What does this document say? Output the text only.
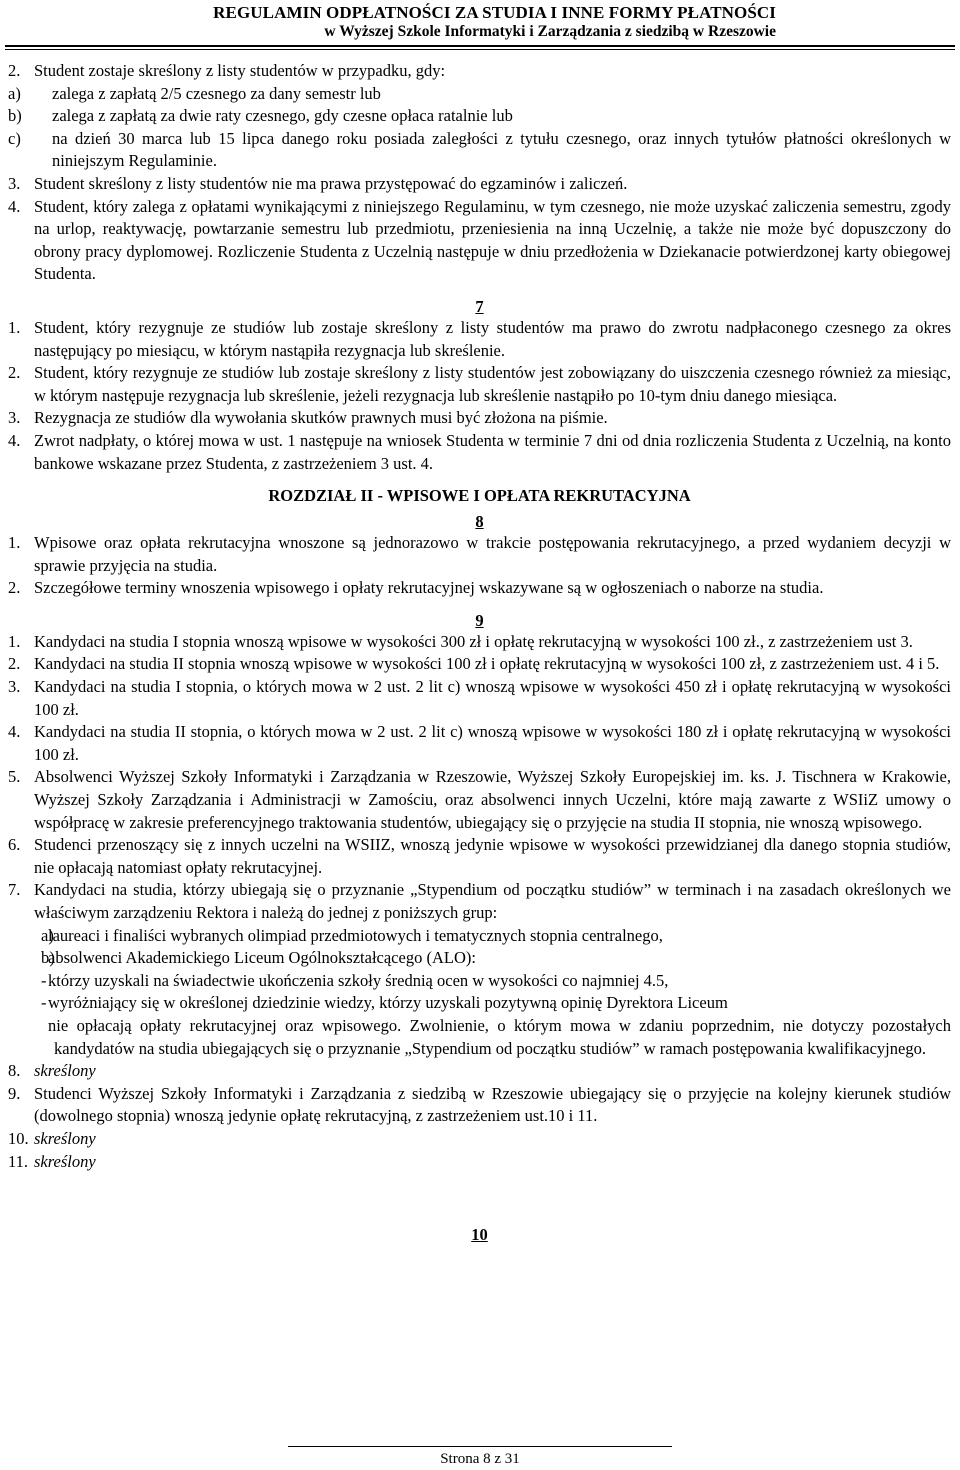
REGULAMIN ODPŁATNOŚCI ZA STUDIA I INNE FORMY PŁATNOŚCI
w Wyższej Szkole Informatyki i Zarządzania z siedzibą w Rzeszowie
2. Student zostaje skreślony z listy studentów w przypadku, gdy:
a)	zalega z zapłatą 2/5 czesnego za dany semestr lub
b)	zalega z zapłatą za dwie raty czesnego, gdy czesne opłaca ratalnie lub
c)	na dzień 30 marca lub 15 lipca danego roku posiada zaległości z tytułu czesnego, oraz innych tytułów płatności określonych w niniejszym Regulaminie.
3. Student skreślony z listy studentów nie ma prawa przystępować do egzaminów i zaliczeń.
4. Student, który zalega z opłatami wynikającymi z niniejszego Regulaminu, w tym czesnego, nie może uzyskać zaliczenia semestru, zgody na urlop, reaktywację, powtarzanie semestru lub przedmiotu, przeniesienia na inną Uczelnię, a także nie może być dopuszczony do obrony pracy dyplomowej. Rozliczenie Studenta z Uczelnią następuje w dniu przedłożenia w Dziekanacie potwierdzonej karty obiegowej Studenta.
7
1. Student, który rezygnuje ze studiów lub zostaje skreślony z listy studentów ma prawo do zwrotu nadpłaconego czesnego za okres następujący po miesiącu, w którym nastąpiła rezygnacja lub skreślenie.
2. Student, który rezygnuje ze studiów lub zostaje skreślony z listy studentów jest zobowiązany do uiszczenia czesnego również za miesiąc, w którym następuje rezygnacja lub skreślenie, jeżeli rezygnacja lub skreślenie nastąpiło po 10-tym dniu danego miesiąca.
3. Rezygnacja ze studiów dla wywołania skutków prawnych musi być złożona na piśmie.
4. Zwrot nadpłaty, o której mowa w ust. 1 następuje na wniosek Studenta w terminie 7 dni od dnia rozliczenia Studenta z Uczelnią, na konto bankowe wskazane przez Studenta, z zastrzeżeniem 3 ust. 4.
ROZDZIAŁ II - WPISOWE I OPŁATA REKRUTACYJNA
8
1. Wpisowe oraz opłata rekrutacyjna wnoszone są jednorazowo w trakcie postępowania rekrutacyjnego, a przed wydaniem decyzji w sprawie przyjęcia na studia.
2. Szczegółowe terminy wnoszenia wpisowego i opłaty rekrutacyjnej wskazywane są w ogłoszeniach o naborze na studia.
9
1. Kandydaci na studia I stopnia wnoszą wpisowe w wysokości 300 zł i opłatę rekrutacyjną w wysokości 100 zł., z zastrzeżeniem ust 3.
2. Kandydaci na studia II stopnia wnoszą wpisowe w wysokości 100 zł i opłatę rekrutacyjną w wysokości 100 zł, z zastrzeżeniem ust. 4 i 5.
3. Kandydaci na studia I stopnia, o których mowa w 2 ust. 2 lit c) wnoszą wpisowe w wysokości 450 zł i opłatę rekrutacyjną w wysokości 100 zł.
4. Kandydaci na studia II stopnia, o których mowa w 2 ust. 2 lit c) wnoszą wpisowe w wysokości 180 zł i opłatę rekrutacyjną w wysokości 100 zł.
5. Absolwenci Wyższej Szkoły Informatyki i Zarządzania w Rzeszowie, Wyższej Szkoły Europejskiej im. ks. J. Tischnera w Krakowie, Wyższej Szkoły Zarządzania i Administracji w Zamościu, oraz absolwenci innych Uczelni, które mają zawarte z WSIiZ umowy o współpracę w zakresie preferencyjnego traktowania studentów, ubiegający się o przyjęcie na studia II stopnia, nie wnoszą wpisowego.
6. Studenci przenoszący się z innych uczelni na WSIIZ, wnoszą jedynie wpisowe w wysokości przewidzianej dla danego stopnia studiów, nie opłacają natomiast opłaty rekrutacyjnej.
7. Kandydaci na studia, którzy ubiegają się o przyznanie „Stypendium od początku studiów” w terminach i na zasadach określonych we właściwym zarządzeniu Rektora i należą do jednej z poniższych grup:
a)
laureaci i finaliści wybranych olimpiad przedmiotowych i tematycznych stopnia centralnego,
b)
absolwenci Akademickiego Liceum Ogólnokształcącego (ALO):
- którzy uzyskali na świadectwie ukończenia szkoły średnią ocen w wysokości co najmniej 4.5,
- wyróżniający się w określonej dziedzinie wiedzy, którzy uzyskali pozytywną opinię Dyrektora Liceum
nie opłacają opłaty rekrutacyjnej oraz wpisowego. Zwolnienie, o którym mowa w zdaniu poprzednim, nie dotyczy pozostałych kandydatów na studia ubiegających się o przyznanie „Stypendium od początku studiów” w ramach postępowania kwalifikacyjnego.
8. skreślony
9. Studenci Wyższej Szkoły Informatyki i Zarządzania z siedzibą w Rzeszowie ubiegający się o przyjęcie na kolejny kierunek studiów (dowolnego stopnia) wnoszą jedynie opłatę rekrutacyjną, z zastrzeżeniem ust.10 i 11.
10. skreślony
11. skreślony
10
Strona 8 z 31
